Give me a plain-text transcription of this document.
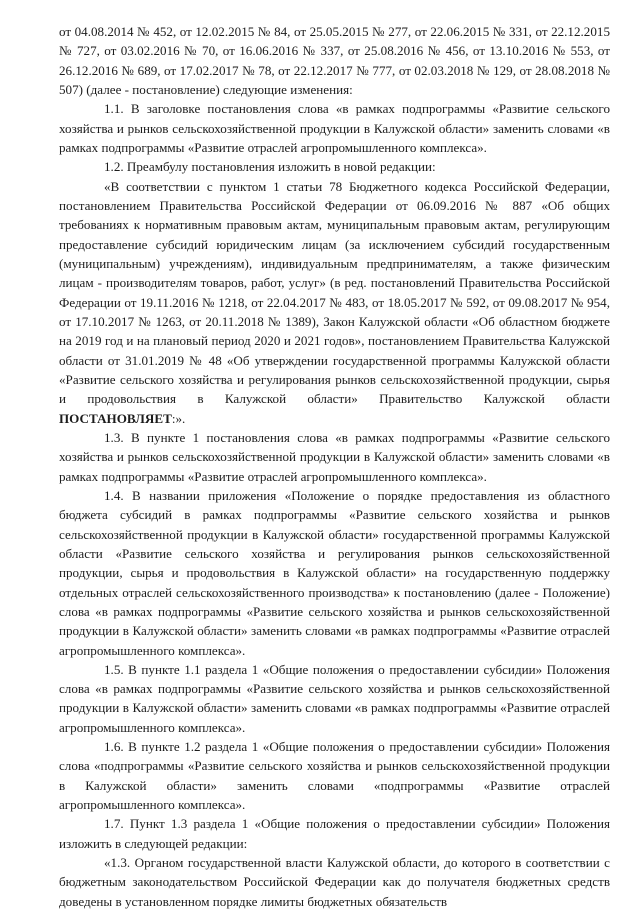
от 04.08.2014 № 452, от 12.02.2015 № 84, от 25.05.2015 № 277, от 22.06.2015 № 331, от 22.12.2015 № 727, от 03.02.2016 № 70, от 16.06.2016 № 337, от 25.08.2016 № 456, от 13.10.2016 № 553, от 26.12.2016 № 689, от 17.02.2017 № 78, от 22.12.2017 № 777, от 02.03.2018 № 129, от 28.08.2018 № 507) (далее - постановление) следующие изменения:

1.1. В заголовке постановления слова «в рамках подпрограммы «Развитие сельского хозяйства и рынков сельскохозяйственной продукции в Калужской области» заменить словами «в рамках подпрограммы «Развитие отраслей агропромышленного комплекса».

1.2. Преамбулу постановления изложить в новой редакции:

«В соответствии с пунктом 1 статьи 78 Бюджетного кодекса Российской Федерации, постановлением Правительства Российской Федерации от 06.09.2016 № 887 «Об общих требованиях к нормативным правовым актам, муниципальным правовым актам, регулирующим предоставление субсидий юридическим лицам (за исключением субсидий государственным (муниципальным) учреждениям), индивидуальным предпринимателям, а также физическим лицам - производителям товаров, работ, услуг» (в ред. постановлений Правительства Российской Федерации от 19.11.2016 № 1218, от 22.04.2017 № 483, от 18.05.2017 № 592, от 09.08.2017 № 954, от 17.10.2017 № 1263, от 20.11.2018 № 1389), Закон Калужской области «Об областном бюджете на 2019 год и на плановый период 2020 и 2021 годов», постановлением Правительства Калужской области от 31.01.2019 № 48 «Об утверждении государственной программы Калужской области «Развитие сельского хозяйства и регулирования рынков сельскохозяйственной продукции, сырья и продовольствия в Калужской области» Правительство Калужской области ПОСТАНОВЛЯЕТ:».

1.3. В пункте 1 постановления слова «в рамках подпрограммы «Развитие сельского хозяйства и рынков сельскохозяйственной продукции в Калужской области» заменить словами «в рамках подпрограммы «Развитие отраслей агропромышленного комплекса».

1.4. В названии приложения «Положение о порядке предоставления из областного бюджета субсидий в рамках подпрограммы «Развитие сельского хозяйства и рынков сельскохозяйственной продукции в Калужской области» государственной программы Калужской области «Развитие сельского хозяйства и регулирования рынков сельскохозяйственной продукции, сырья и продовольствия в Калужской области» на государственную поддержку отдельных отраслей сельскохозяйственного производства» к постановлению (далее - Положение) слова «в рамках подпрограммы «Развитие сельского хозяйства и рынков сельскохозяйственной продукции в Калужской области» заменить словами «в рамках подпрограммы «Развитие отраслей агропромышленного комплекса».

1.5. В пункте 1.1 раздела 1 «Общие положения о предоставлении субсидии» Положения слова «в рамках подпрограммы «Развитие сельского хозяйства и рынков сельскохозяйственной продукции в Калужской области» заменить словами «в рамках подпрограммы «Развитие отраслей агропромышленного комплекса».

1.6. В пункте 1.2 раздела 1 «Общие положения о предоставлении субсидии» Положения слова «подпрограммы «Развитие сельского хозяйства и рынков сельскохозяйственной продукции в Калужской области» заменить словами «подпрограммы «Развитие отраслей агропромышленного комплекса».

1.7. Пункт 1.3 раздела 1 «Общие положения о предоставлении субсидии» Положения изложить в следующей редакции:

«1.3. Органом государственной власти Калужской области, до которого в соответствии с бюджетным законодательством Российской Федерации как до получателя бюджетных средств доведены в установленном порядке лимиты бюджетных обязательств
